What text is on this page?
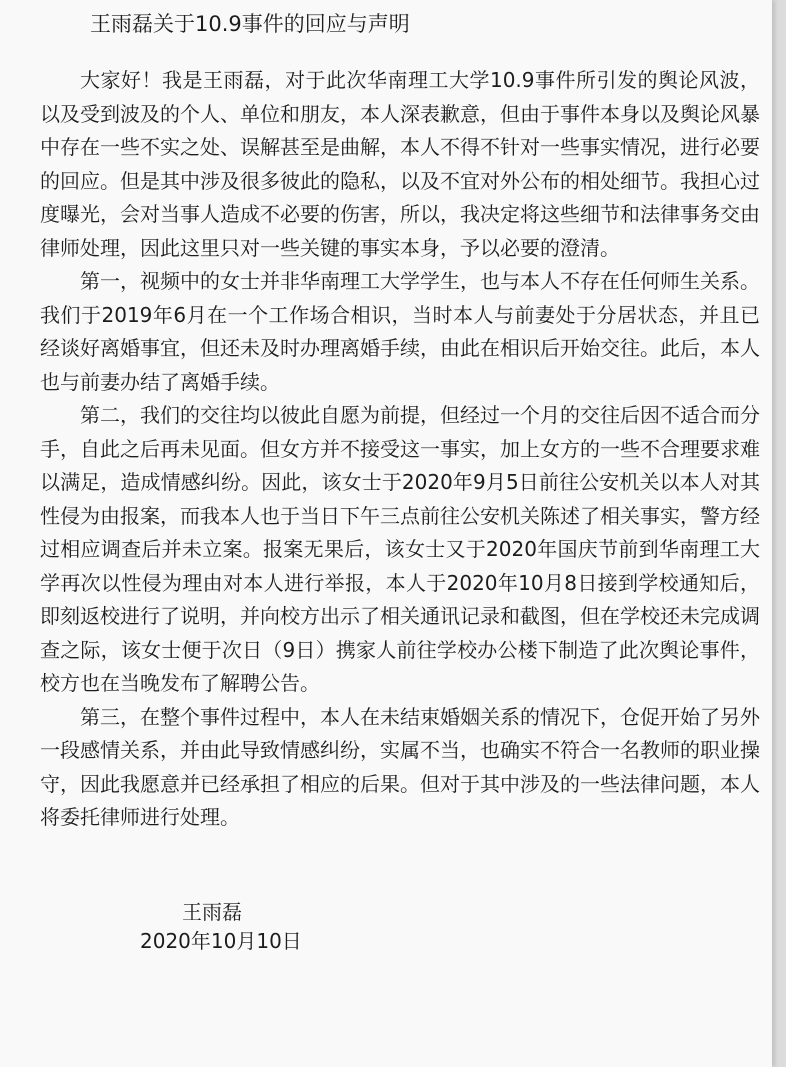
王雨磊关于10.9事件的回应与声明

大家好！我是王雨磊，对于此次华南理工大学10.9事件所引发的舆论风波，以及受到波及的个人、单位和朋友，本人深表歉意，但由于事件本身以及舆论风暴中存在一些不实之处、误解甚至是曲解，本人不得不针对一些事实情况，进行必要的回应。但是其中涉及很多彼此的隐私，以及不宜对外公布的相处细节。我担心过度曝光，会对当事人造成不必要的伤害，所以，我决定将这些细节和法律事务交由律师处理，因此这里只对一些关键的事实本身，予以必要的澄清。

第一，视频中的女士并非华南理工大学学生，也与本人不存在任何师生关系。我们于2019年6月在一个工作场合相识，当时本人与前妻处于分居状态，并且已经谈好离婚事宜，但还未及时办理离婚手续，由此在相识后开始交往。此后，本人也与前妻办结了离婚手续。

第二，我们的交往均以彼此自愿为前提，但经过一个月的交往后因不适合而分手，自此之后再未见面。但女方并不接受这一事实，加上女方的一些不合理要求难以满足，造成情感纠纷。因此，该女士于2020年9月5日前往公安机关以本人对其性侵为由报案，而我本人也于当日下午三点前往公安机关陈述了相关事实，警方经过相应调查后并未立案。报案无果后，该女士又于2020年国庆节前到华南理工大学再次以性侵为理由对本人进行举报，本人于2020年10月8日接到学校通知后，即刻返校进行了说明，并向校方出示了相关通讯记录和截图，但在学校还未完成调查之际，该女士便于次日（9日）携家人前往学校办公楼下制造了此次舆论事件，校方也在当晚发布了解聘公告。

第三，在整个事件过程中，本人在未结束婚姻关系的情况下，仓促开始了另外一段感情关系，并由此导致情感纠纷，实属不当，也确实不符合一名教师的职业操守，因此我愿意并已经承担了相应的后果。但对于其中涉及的一些法律问题，本人将委托律师进行处理。

王雨磊
2020年10月10日
